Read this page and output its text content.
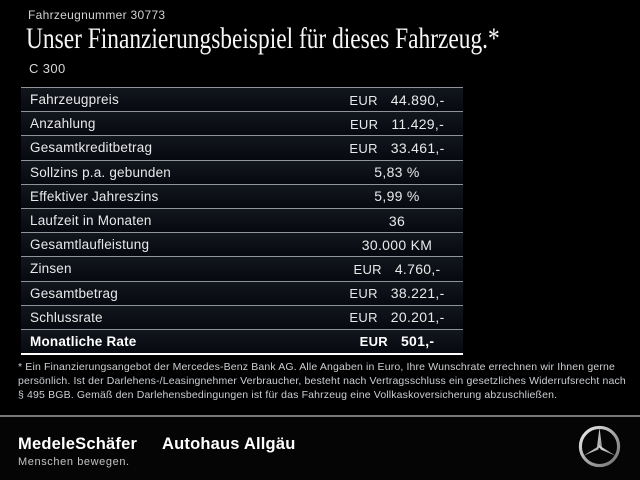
Fahrzeugnummer 30773
Unser Finanzierungsbeispiel für dieses Fahrzeug.*
C 300
Fahrzeugpreis	EUR 44.890,-
Anzahlung	EUR 11.429,-
Gesamtkreditbetrag	EUR 33.461,-
Sollzins p.a. gebunden	5,83 %
Effektiver Jahreszins	5,99 %
Laufzeit in Monaten	36
Gesamtlaufleistung	30.000 KM
Zinsen	EUR 4.760,-
Gesamtbetrag	EUR 38.221,-
Schlussrate	EUR 20.201,-
Monatliche Rate	EUR 501,-
* Ein Finanzierungsangebot der Mercedes-Benz Bank AG. Alle Angaben in Euro, Ihre Wunschrate errechnen wir Ihnen gerne
persönlich. Ist der Darlehens-/Leasingnehmer Verbraucher, besteht nach Vertragsschluss ein gesetzliches Widerrufsrecht nach
§ 495 BGB. Gemäß den Darlehensbedingungen ist für das Fahrzeug eine Vollkaskoversicherung abzuschließen.
MedeleSchäfer Autohaus Allgäu
Menschen bewegen.
